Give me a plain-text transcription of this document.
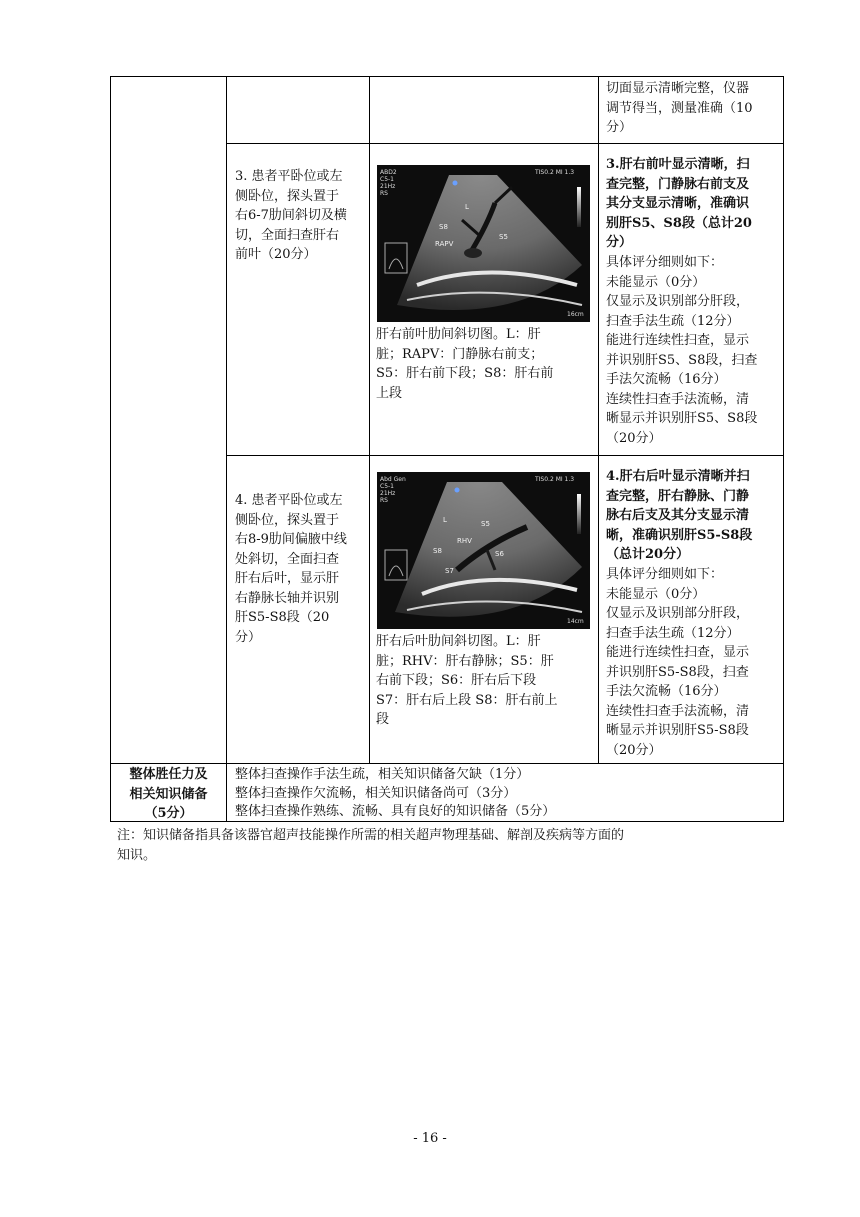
切面显示清晰完整，仪器
调节得当，测量准确（10
分）
3. 患者平卧位或左
侧卧位，探头置于
右6-7肋间斜切及横
切，全面扫查肝右
前叶（20分）
ABD2
C5-1
21Hz
RS
TIS0.2 MI 1.3
L
S8
RAPV
S5
16cm
肝右前叶肋间斜切图。L：肝
脏；RAPV：门静脉右前支；
S5：肝右前下段；S8：肝右前
上段
3.肝右前叶显示清晰，扫
查完整，门静脉右前支及
其分支显示清晰，准确识
别肝S5、S8段（总计20
分）
具体评分细则如下：
未能显示（0分）
仅显示及识别部分肝段，
扫查手法生疏（12分）
能进行连续性扫查，显示
并识别肝S5、S8段，扫查
手法欠流畅（16分）
连续性扫查手法流畅，清
晰显示并识别肝S5、S8段
（20分）
4. 患者平卧位或左
侧卧位，探头置于
右8-9肋间偏腋中线
处斜切，全面扫查
肝右后叶，显示肝
右静脉长轴并识别
肝S5-S8段（20
分）
Abd Gen
C5-1
21Hz
RS
TIS0.2 MI 1.3
L	S5
RHV
S8
S7
S6
14cm
肝右后叶肋间斜切图。L：肝
脏；RHV：肝右静脉；S5：肝
右前下段；S6：肝右后下段
S7：肝右后上段 S8：肝右前上
段
4.肝右后叶显示清晰并扫
查完整，肝右静脉、门静
脉右后支及其分支显示清
晰，准确识别肝S5-S8段
（总计20分）
具体评分细则如下：
未能显示（0分）
仅显示及识别部分肝段，
扫查手法生疏（12分）
能进行连续性扫查，显示
并识别肝S5-S8段，扫查
手法欠流畅（16分）
连续性扫查手法流畅，清
晰显示并识别肝S5-S8段
（20分）
整体胜任力及
相关知识储备
（5分）
整体扫查操作手法生疏，相关知识储备欠缺（1分）
整体扫查操作欠流畅，相关知识储备尚可（3分）
整体扫查操作熟练、流畅、具有良好的知识储备（5分）
注：知识储备指具备该器官超声技能操作所需的相关超声物理基础、解剖及疾病等方面的
知识。
- 16 -
